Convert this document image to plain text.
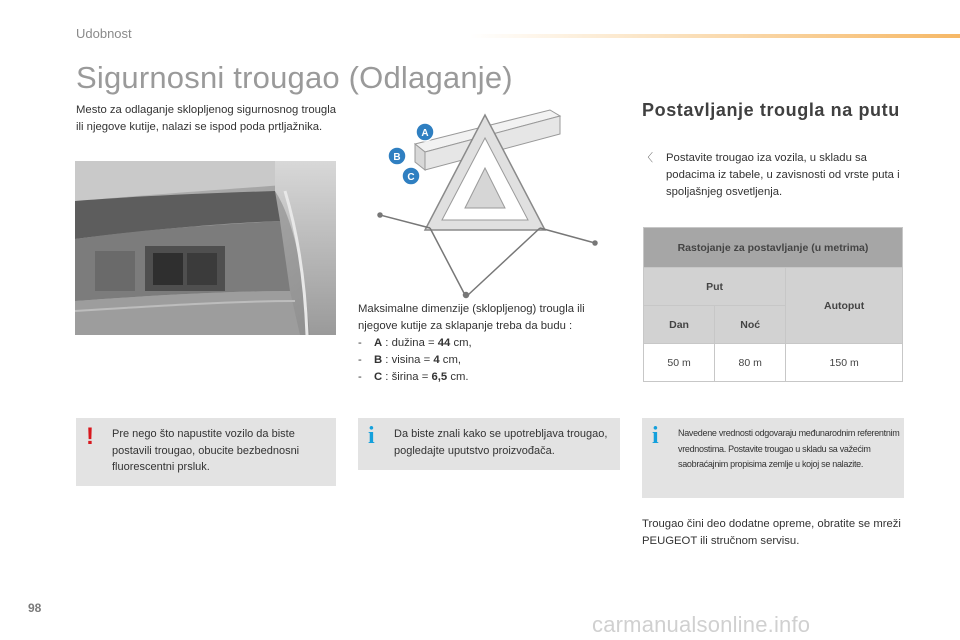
Udobnost
Sigurnosni trougao (Odlaganje)
Mesto za odlaganje sklopljenog sigurnosnog trougla ili njegove kutije, nalazi se ispod poda prtljažnika.
A
B
C
Maksimalne dimenzije (sklopljenog) trougla ili njegove kutije za sklapanje treba da budu :
- A : dužina = 44 cm,
- B : visina = 4 cm,
- C : širina = 6,5 cm.
Postavljanje trougla na putu
〈 Postavite trougao iza vozila, u skladu sa podacima iz tabele, u zavisnosti od vrste puta i spoljašnjeg osvetljenja.
Rastojanje za postavljanje (u metrima)		
Put		Autoput
Dan	Noć	
50 m	80 m	150 m
! Pre nego što napustite vozilo da biste postavili trougao, obucite bezbednosni fluorescentni prsluk.
i Da biste znali kako se upotrebljava trougao, pogledajte uputstvo proizvođača.
i Navedene vrednosti odgovaraju međunarodnim referentnim vrednostima. Postavite trougao u skladu sa važećim saobraćajnim propisima zemlje u kojoj se nalazite.
Trougao čini deo dodatne opreme, obratite se mreži PEUGEOT ili stručnom servisu.
98
carmanualsonline.info
